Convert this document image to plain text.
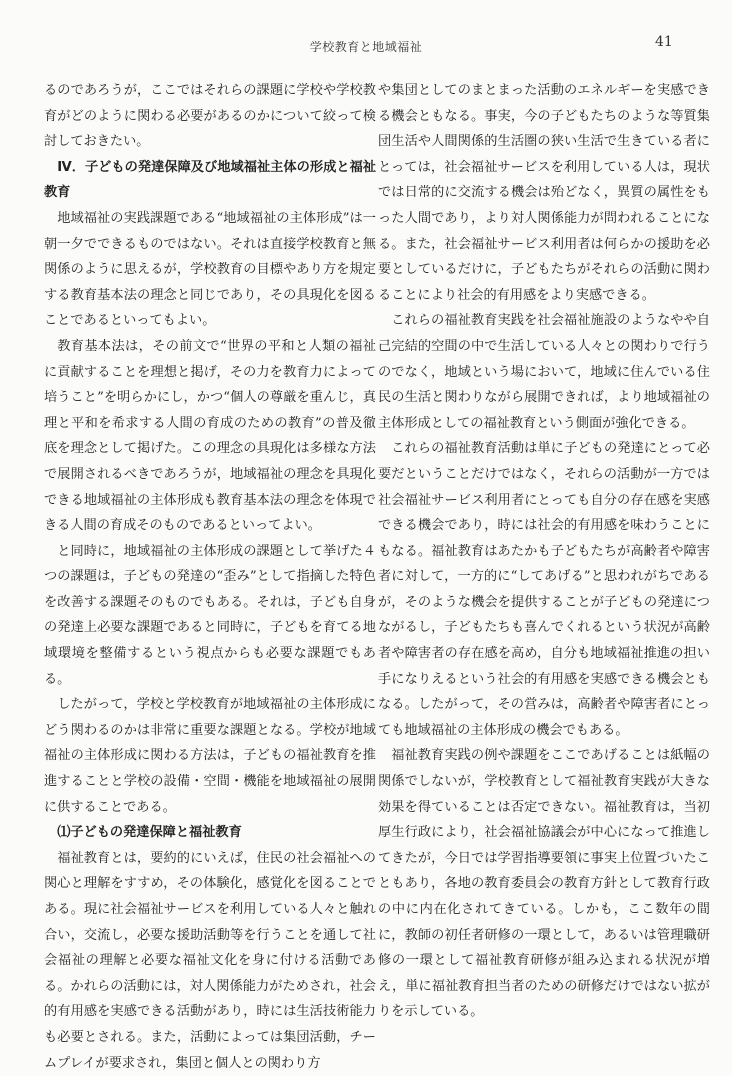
学校教育と地域福祉	41

るのであろうが，ここではそれらの課題に学校や学校教育がどのように関わる必要があるのかについて絞って検討しておきたい。

Ⅳ．子どもの発達保障及び地域福祉主体の形成と福祉教育

地域福祉の実践課題である“地域福祉の主体形成”は一朝一夕でできるものではない。それは直接学校教育と無関係のように思えるが，学校教育の目標やあり方を規定する教育基本法の理念と同じであり，その具現化を図ることであるといってもよい。

教育基本法は，その前文で“世界の平和と人類の福祉に貢献することを理想と掲げ，その力を教育力によって培うこと”を明らかにし，かつ“個人の尊厳を重んじ，真理と平和を希求する人間の育成のための教育”の普及徹底を理念として掲げた。この理念の具現化は多様な方法で展開されるべきであろうが，地域福祉の理念を具現化できる地域福祉の主体形成も教育基本法の理念を体現できる人間の育成そのものであるといってよい。

と同時に，地域福祉の主体形成の課題として挙げた４つの課題は，子どもの発達の“歪み”として指摘した特色を改善する課題そのものでもある。それは，子ども自身の発達上必要な課題であると同時に，子どもを育てる地域環境を整備するという視点からも必要な課題でもある。

したがって，学校と学校教育が地域福祉の主体形成にどう関わるのかは非常に重要な課題となる。学校が地域福祉の主体形成に関わる方法は，子どもの福祉教育を推進することと学校の設備・空間・機能を地域福祉の展開に供することである。

⑴子どもの発達保障と福祉教育

福祉教育とは，要約的にいえば，住民の社会福祉への関心と理解をすすめ，その体験化，感覚化を図ることである。現に社会福祉サービスを利用している人々と触れ合い，交流し，必要な援助活動等を行うことを通して社会福祉の理解と必要な福祉文化を身に付ける活動である。かれらの活動には，対人関係能力がためされ，社会的有用感を実感できる活動があり，時には生活技術能力も必要とされる。また，活動によっては集団活動，チームプレイが要求され，集団と個人との関わり方

や集団としてのまとまった活動のエネルギーを実感できる機会ともなる。事実，今の子どもたちのような等質集団生活や人間関係的生活圏の狭い生活で生きている者にとっては，社会福祉サービスを利用している人は，現状では日常的に交流する機会は殆どなく，異質の属性をもった人間であり，より対人関係能力が問われることになる。また，社会福祉サービス利用者は何らかの援助を必要としているだけに，子どもたちがそれらの活動に関わることにより社会的有用感をより実感できる。

これらの福祉教育実践を社会福祉施設のようなやや自己完結的空間の中で生活している人々との関わりで行うのでなく，地域という場において，地域に住んでいる住民の生活と関わりながら展開できれば，より地域福祉の主体形成としての福祉教育という側面が強化できる。

これらの福祉教育活動は単に子どもの発達にとって必要だということだけではなく，それらの活動が一方では社会福祉サービス利用者にとっても自分の存在感を実感できる機会であり，時には社会的有用感を味わうことにもなる。福祉教育はあたかも子どもたちが高齢者や障害者に対して，一方的に“してあげる”と思われがちであるが，そのような機会を提供することが子どもの発達につながるし，子どもたちも喜んでくれるという状況が高齢者や障害者の存在感を高め，自分も地域福祉推進の担い手になりえるという社会的有用感を実感できる機会ともなる。したがって，その営みは，高齢者や障害者にとっても地域福祉の主体形成の機会でもある。

福祉教育実践の例や課題をここであげることは紙幅の関係でしないが，学校教育として福祉教育実践が大きな効果を得ていることは否定できない。福祉教育は，当初厚生行政により，社会福祉協議会が中心になって推進してきたが，今日では学習指導要領に事実上位置づいたこともあり，各地の教育委員会の教育方針として教育行政の中に内在化されてきている。しかも，ここ数年の間に，教師の初任者研修の一環として，あるいは管理職研修の一環として福祉教育研修が組み込まれる状況が増え，単に福祉教育担当者のための研修だけではない拡がりを示している。
